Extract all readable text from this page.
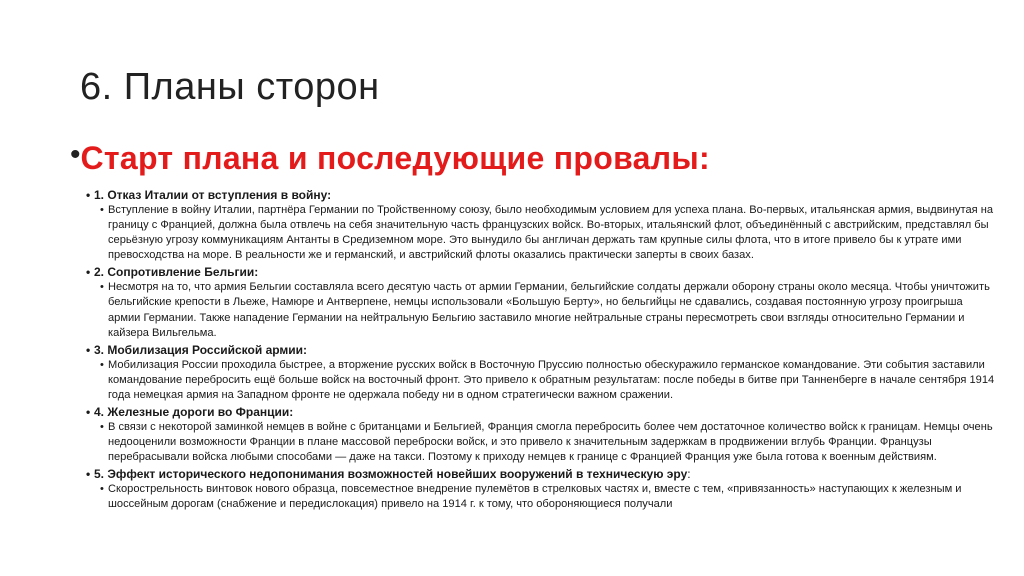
6. Планы сторон
• Старт плана и последующие провалы:
• 1. Отказ Италии от вступления в войну:
• Вступление в войну Италии, партнёра Германии по Тройственному союзу, было необходимым условием для успеха плана. Во-первых, итальянская армия, выдвинутая на границу с Францией, должна была отвлечь на себя значительную часть французских войск. Во-вторых, итальянский флот, объединённый с австрийским, представлял бы серьёзную угрозу коммуникациям Антанты в Средиземном море. Это вынудило бы англичан держать там крупные силы флота, что в итоге привело бы к утрате ими превосходства на море. В реальности же и германский, и австрийский флоты оказались практически заперты в своих базах.
• 2. Сопротивление Бельгии:
• Несмотря на то, что армия Бельгии составляла всего десятую часть от армии Германии, бельгийские солдаты держали оборону страны около месяца. Чтобы уничтожить бельгийские крепости в Льеже, Намюре и Антверпене, немцы использовали «Большую Берту», но бельгийцы не сдавались, создавая постоянную угрозу проигрыша армии Германии. Также нападение Германии на нейтральную Бельгию заставило многие нейтральные страны пересмотреть свои взгляды относительно Германии и кайзера Вильгельма.
• 3. Мобилизация Российской армии:
• Мобилизация России проходила быстрее, а вторжение русских войск в Восточную Пруссию полностью обескуражило германское командование. Эти события заставили командование перебросить ещё больше войск на восточный фронт. Это привело к обратным результатам: после победы в битве при Танненберге в начале сентября 1914 года немецкая армия на Западном фронте не одержала победу ни в одном стратегически важном сражении.
• 4. Железные дороги во Франции:
• В связи с некоторой заминкой немцев в войне с британцами и Бельгией, Франция смогла перебросить более чем достаточное количество войск к границам. Немцы очень недооценили возможности Франции в плане массовой переброски войск, и это привело к значительным задержкам в продвижении вглубь Франции. Французы перебрасывали войска любыми способами — даже на такси. Поэтому к приходу немцев к границе с Францией Франция уже была готова к военным действиям.
• 5. Эффект исторического недопонимания возможностей новейших вооружений в техническую эру:
• Скорострельность винтовок нового образца, повсеместное внедрение пулемётов в стрелковых частях и, вместе с тем, «привязанность» наступающих к железным и шоссейным дорогам (снабжение и передислокация) привело на 1914 г. к тому, что обороняющиеся получали
